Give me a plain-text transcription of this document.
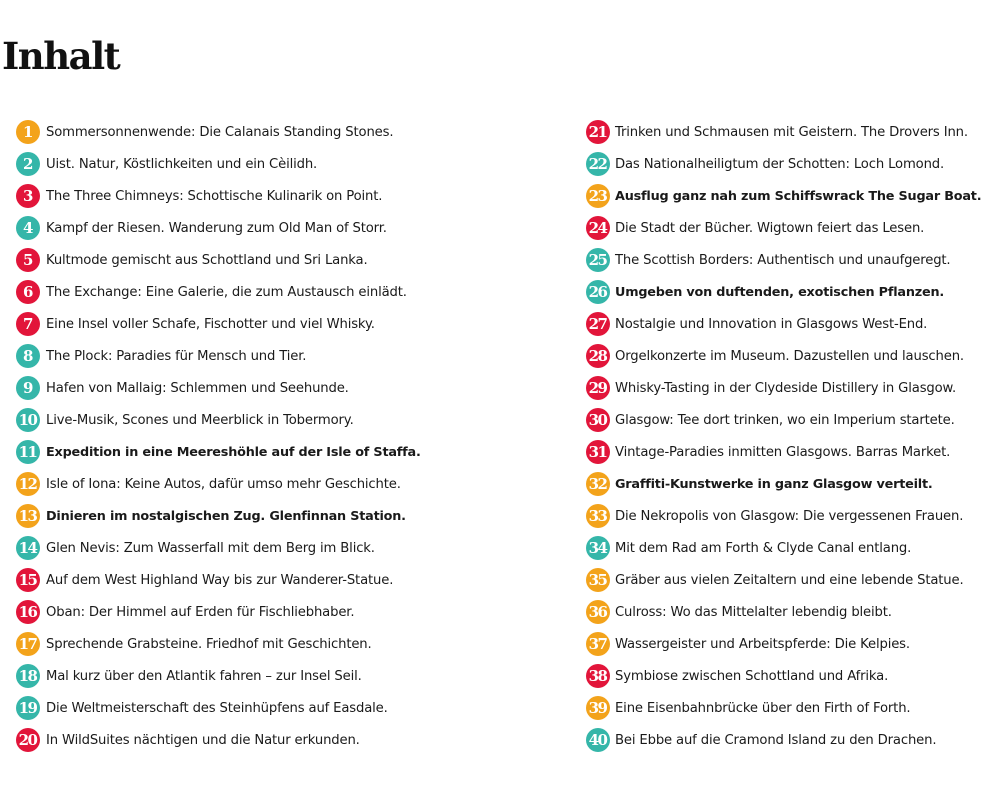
Inhalt
1 Sommersonnenwende: Die Calanais Standing Stones.
2 Uist. Natur, Köstlichkeiten und ein Cèilidh.
3 The Three Chimneys: Schottische Kulinarik on Point.
4 Kampf der Riesen. Wanderung zum Old Man of Storr.
5 Kultmode gemischt aus Schottland und Sri Lanka.
6 The Exchange: Eine Galerie, die zum Austausch einlädt.
7 Eine Insel voller Schafe, Fischotter und viel Whisky.
8 The Plock: Paradies für Mensch und Tier.
9 Hafen von Mallaig: Schlemmen und Seehunde.
10 Live-Musik, Scones und Meerblick in Tobermory.
11 Expedition in eine Meereshöhle auf der Isle of Staffa.
12 Isle of Iona: Keine Autos, dafür umso mehr Geschichte.
13 Dinieren im nostalgischen Zug. Glenfinnan Station.
14 Glen Nevis: Zum Wasserfall mit dem Berg im Blick.
15 Auf dem West Highland Way bis zur Wanderer-Statue.
16 Oban: Der Himmel auf Erden für Fischliebhaber.
17 Sprechende Grabsteine. Friedhof mit Geschichten.
18 Mal kurz über den Atlantik fahren – zur Insel Seil.
19 Die Weltmeisterschaft des Steinhüpfens auf Easdale.
20 In WildSuites nächtigen und die Natur erkunden.
21 Trinken und Schmausen mit Geistern. The Drovers Inn.
22 Das Nationalheiligtum der Schotten: Loch Lomond.
23 Ausflug ganz nah zum Schiffswrack The Sugar Boat.
24 Die Stadt der Bücher. Wigtown feiert das Lesen.
25 The Scottish Borders: Authentisch und unaufgeregt.
26 Umgeben von duftenden, exotischen Pflanzen.
27 Nostalgie und Innovation in Glasgows West-End.
28 Orgelkonzerte im Museum. Dazustellen und lauschen.
29 Whisky-Tasting in der Clydeside Distillery in Glasgow.
30 Glasgow: Tee dort trinken, wo ein Imperium startete.
31 Vintage-Paradies inmitten Glasgows. Barras Market.
32 Graffiti-Kunstwerke in ganz Glasgow verteilt.
33 Die Nekropolis von Glasgow: Die vergessenen Frauen.
34 Mit dem Rad am Forth & Clyde Canal entlang.
35 Gräber aus vielen Zeitaltern und eine lebende Statue.
36 Culross: Wo das Mittelalter lebendig bleibt.
37 Wassergeister und Arbeitspferde: Die Kelpies.
38 Symbiose zwischen Schottland und Afrika.
39 Eine Eisenbahnbrücke über den Firth of Forth.
40 Bei Ebbe auf die Cramond Island zu den Drachen.
